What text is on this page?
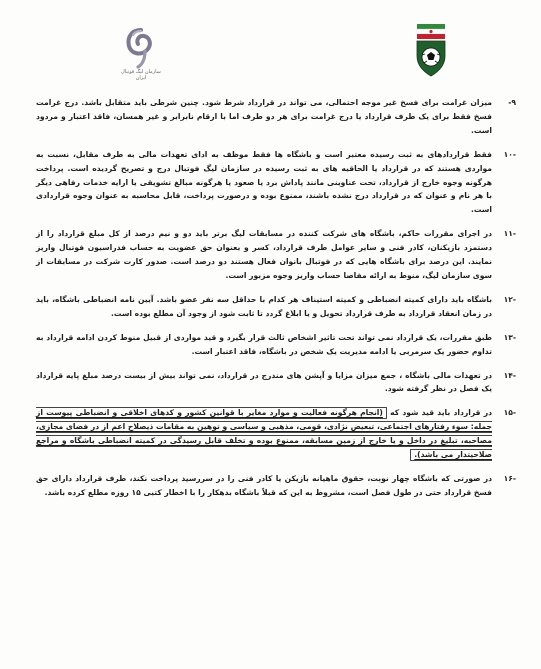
سازمان لیگ فوتبال ایران
۹-
میزان غرامت برای فسخ غیر موجه احتمالی، می تواند در قرارداد شرط شود. چنین شرطی باید متقابل باشد. درج غرامت فسخ فقط برای یک طرف قرارداد یا درج غرامت برای هر دو طرف اما با ارقام نابرابر و غیر همسان، فاقد اعتبار و مردود است.
-۱۰
فقط قراردادهای به ثبت رسیده معتبر است و باشگاه ها فقط موظف به ادای تعهدات مالی به طرف مقابل، نسبت به مواردی هستند که در قرارداد یا الحاقیه های به ثبت رسیده در سازمان لیگ فوتبال درج و تصریح گردیده است. پرداخت هرگونه وجوه خارج از قرارداد، تحت عناوینی مانند پاداش برد یا صعود یا هرگونه مبالغ تشویقی یا ارایه خدمات رفاهی دیگر با هر نام و عنوان که در قرارداد درج نشده باشند، ممنوع بوده و درصورت پرداخت، قابل محاسبه به عنوان وجوه قراردادی است.
-۱۱
در اجرای مقررات حاکم، باشگاه های شرکت کننده در مسابقات لیگ برتر باید دو و نیم درصد از کل مبلغ قرارداد را از دستمزد بازیکنان، کادر فنی و سایر عوامل طرف قرارداد، کسر و بعنوان حق عضویت به حساب فدراسیون فوتبال واریز نمایند. این درصد برای باشگاه هایی که در فوتبال بانوان فعال هستند دو درصد است. صدور کارت شرکت در مسابقات از سوی سازمان لیگ، منوط به ارائه مفاصا حساب واریز وجوه مزبور است.
-۱۲
باشگاه باید دارای کمیته انضباطی و کمیته استیناف هر کدام با حداقل سه نفر عضو باشد. آیین نامه انضباطی باشگاه، باید در زمان انعقاد قرارداد به طرف قرارداد تحویل و یا ابلاغ گردد تا ثابت شود از وجود آن مطلع بوده است.
-۱۳
طبق مقررات، یک قرارداد نمی تواند تحت تاثیر اشخاص ثالث قرار بگیرد و قید مواردی از قبیل منوط کردن ادامه قرارداد به تداوم حضور یک سرمربی یا ادامه مدیریت یک شخص در باشگاه، فاقد اعتبار است.
-۱۴
در تعهدات مالی باشگاه ، جمع میزان مزایا و آپشن های مندرج در قرارداد، نمی تواند بیش از بیست درصد مبلغ پایه قرارداد یک فصل در نظر گرفته شود.
-۱۵
در قرارداد باید قید شود که (انجام هرگونه فعالیت و موارد مغایر با قوانین کشور و کدهای اخلاقی و انضباطی پیوست از جمله: سوء رفتارهای اجتماعی، تبعیض نژادی، قومی، مذهبی و سیاسی و توهین به مقامات ذیصلاح اعم از در فضای مجازی، مصاحبه، تبلیغ در داخل و یا خارج از زمین مسابقه، ممنوع بوده و تخلف قابل رسیدگی در کمیته انضباطی باشگاه و مراجع صلاحیتدار می باشد).
-۱۶
در صورتی که باشگاه چهار نوبت، حقوق ماهیانه بازیکن یا کادر فنی را در سررسید پرداخت نکند، طرف قرارداد دارای حق فسخ قرارداد حتی در طول فصل است، مشروط به این که قبلاً باشگاه بدهکار را با اخطار کتبی ۱۵ روزه مطلع کرده باشد.
